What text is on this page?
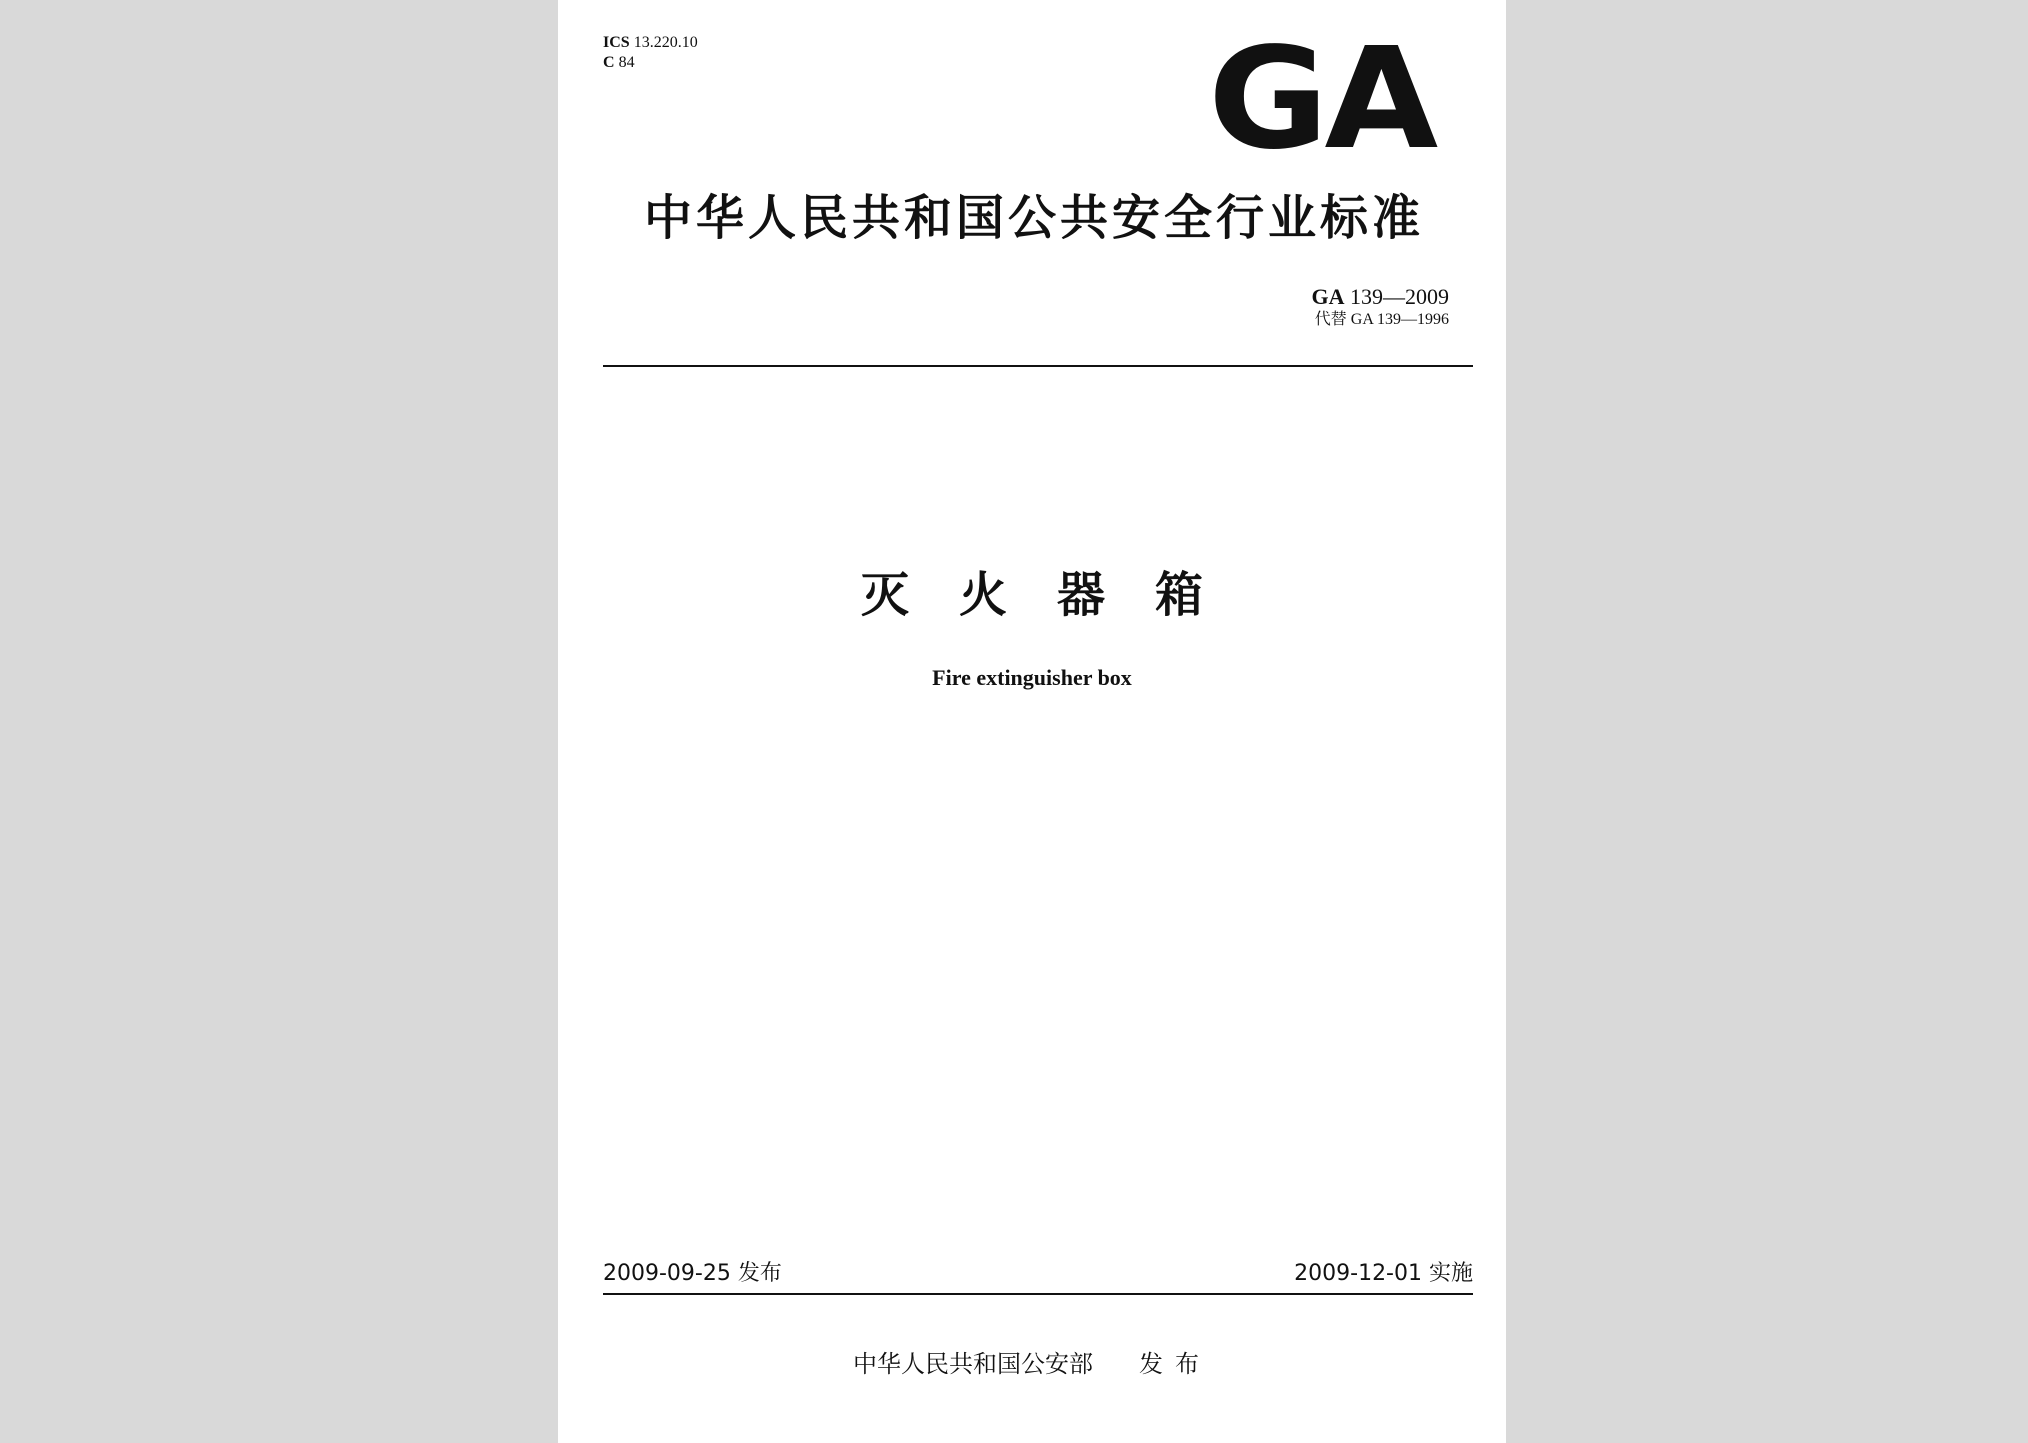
ICS 13.220.10
C 84	GA
中华人民共和国公共安全行业标准
GA 139—2009
代替 GA 139—1996
灭火器箱
Fire extinguisher box
2009-09-25 发布	2009-12-01 实施
中华人民共和国公安部 发布
